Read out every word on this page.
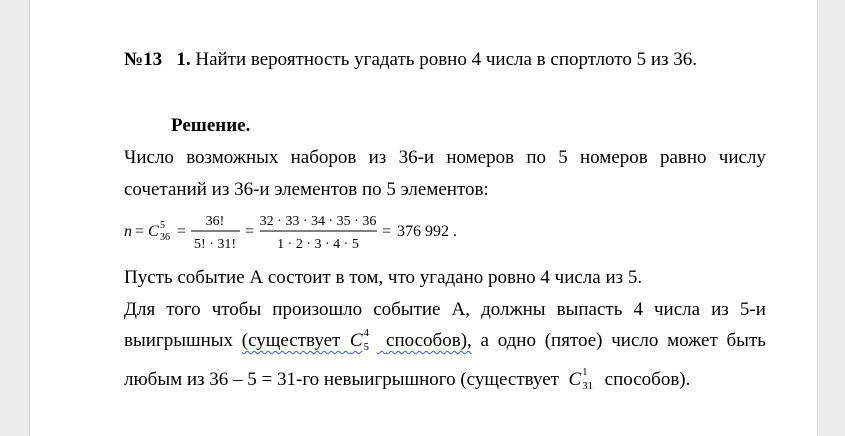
№13 1. Найти вероятность угадать ровно 4 числа в спортлото 5 из 36.
Решение.
Число возможных наборов из 36-и номеров по 5 номеров равно числу
сочетаний из 36-и элементов по 5 элементов:
n = C 5
36 =
36!
5! · 31!
=
32 · 33 · 34 · 35 · 36
1 · 2 · 3 · 4 · 5
= 376 992 .
Пусть событие А состоит в том, что угадано ровно 4 числа из 5.
Для того чтобы произошло событие А, должны выпасть 4 числа из 5-и
выигрышных (существует C 4
5 способов), а одно (пятое) число может быть
любым из 36 – 5 = 31-го невыигрышного (существует C 1
31 способов).
